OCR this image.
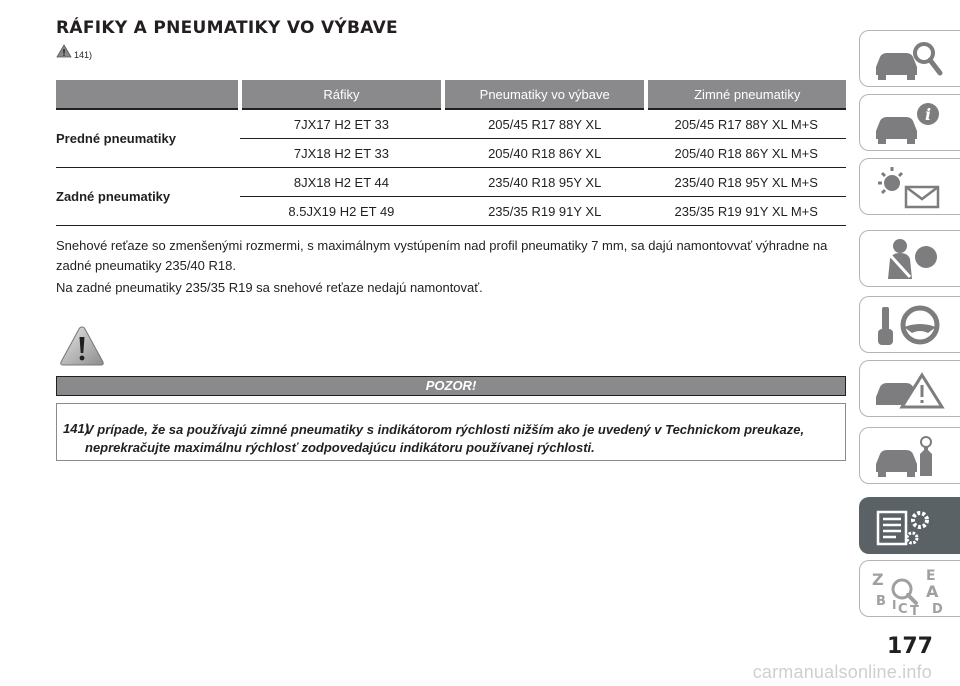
RÁFIKY A PNEUMATIKY VO VÝBAVE
141)
	Ráfiky	Pneumatiky vo výbave	Zimné pneumatiky
Predné pneumatiky	7JX17 H2 ET 33	205/45 R17 88Y XL	205/45 R17 88Y XL M+S
	7JX18 H2 ET 33	205/40 R18 86Y XL	205/40 R18 86Y XL M+S
Zadné pneumatiky	8JX18 H2 ET 44	235/40 R18 95Y XL	235/40 R18 95Y XL M+S
	8.5JX19 H2 ET 49	235/35 R19 91Y XL	235/35 R19 91Y XL M+S
Snehové reťaze so zmenšenými rozmermi, s maximálnym vystúpením nad profil pneumatiky 7 mm, sa dajú namontovvať výhradne na zadné pneumatiky 235/40 R18.
Na zadné pneumatiky 235/35 R19 sa snehové reťaze nedajú namontovať.
POZOR!
141)
V prípade, že sa používajú zimné pneumatiky s indikátorom rýchlosti nižším ako je uvedený v Technickom preukaze, neprekračujte maximálnu rýchlosť zodpovedajúcu indikátoru používanej rýchlosti.
i
Z	E
A
B
D
I C T
177
carmanualsonline.info
